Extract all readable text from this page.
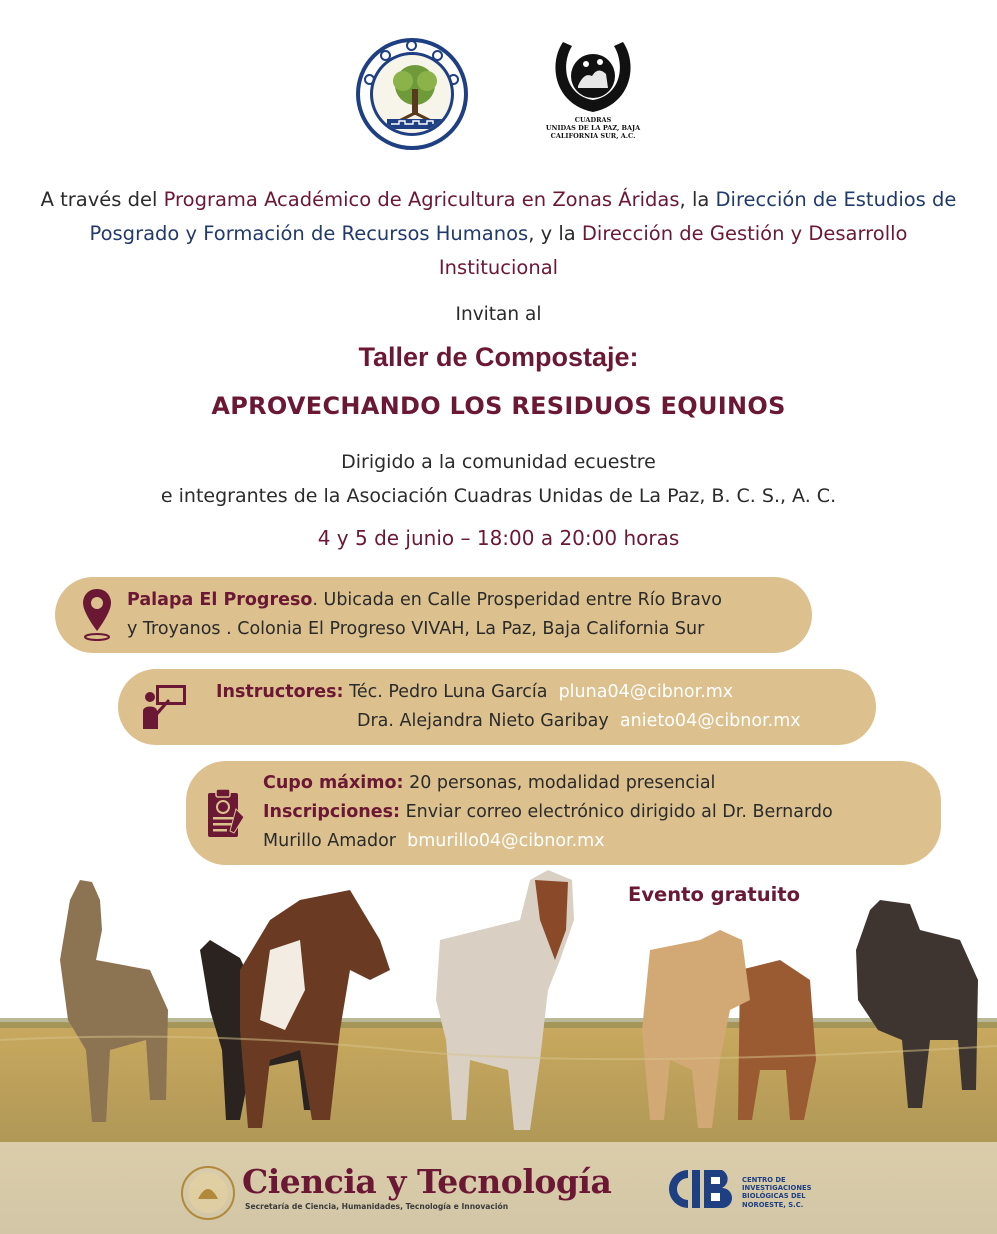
CUADRAS
UNIDAS DE LA PAZ, BAJA
CALIFORNIA SUR, A.C.
A través del Programa Académico de Agricultura en Zonas Áridas, la Dirección de Estudios de Posgrado y Formación de Recursos Humanos, y la Dirección de Gestión y Desarrollo Institucional
Invitan al
Taller de Compostaje:
APROVECHANDO LOS RESIDUOS EQUINOS
Dirigido a la comunidad ecuestre
e integrantes de la Asociación Cuadras Unidas de La Paz, B. C. S., A. C.
4 y 5 de junio – 18:00 a 20:00 horas
Palapa El Progreso. Ubicada en Calle Prosperidad entre Río Bravo
y Troyanos . Colonia El Progreso VIVAH, La Paz, Baja California Sur
Instructores: Téc. Pedro Luna García pluna04@cibnor.mx
Dra. Alejandra Nieto Garibay anieto04@cibnor.mx
Cupo máximo: 20 personas, modalidad presencial
Inscripciones: Enviar correo electrónico dirigido al Dr. Bernardo
Murillo Amador bmurillo04@cibnor.mx
Evento gratuito
Ciencia y Tecnología
Secretaría de Ciencia, Humanidades, Tecnología e Innovación
CENTRO DE
INVESTIGACIONES
BIOLÓGICAS DEL
NOROESTE, S.C.
